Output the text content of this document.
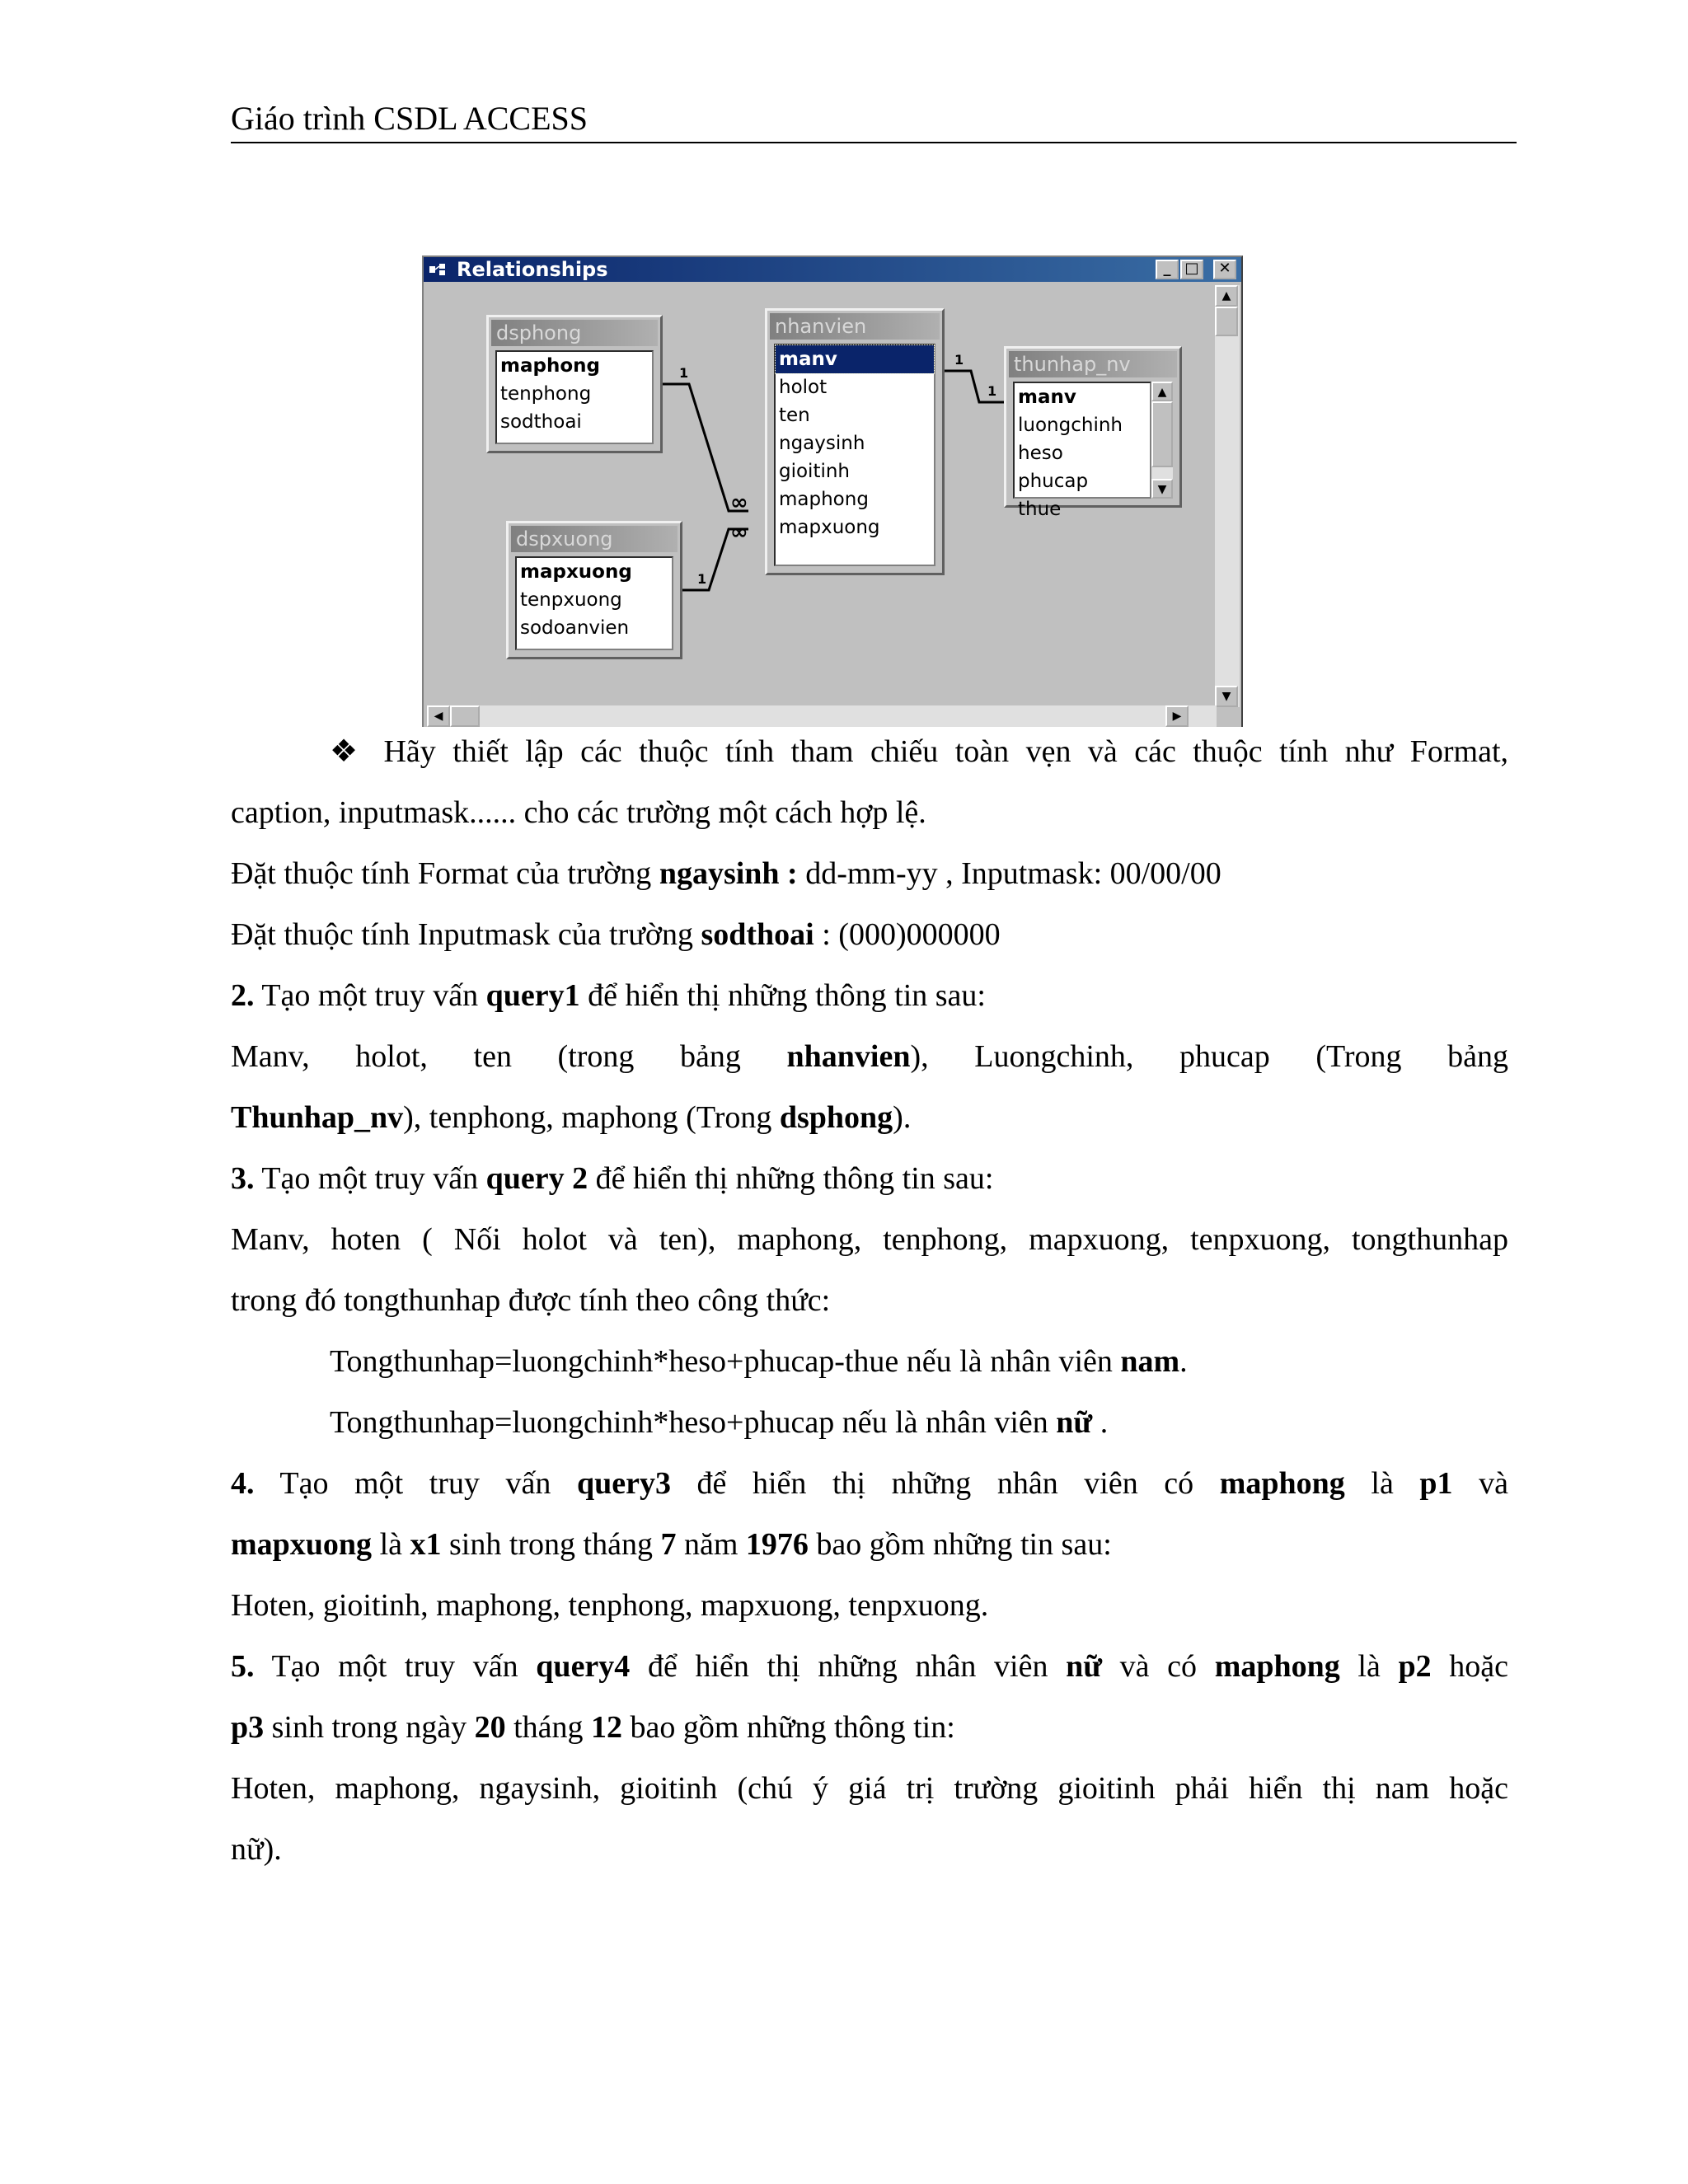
Giáo trình CSDL ACCESS
Relationships	_ □	✕
1
∞
∞
1
1
1
dsphong
maphong
tenphong
sodthoai
nhanvien
manv
holot
ten
ngaysinh
gioitinh
maphong
mapxuong
thunhap_nv
manv
luongchinh
heso
phucap
thue
▲
▼
dspxuong
mapxuong
tenpxuong
sodoanvien
▲
▼
◀	▶
❖ Hãy thiết lập các thuộc tính tham chiếu toàn vẹn và các thuộc tính như Format,
caption, inputmask...... cho các trường một cách hợp lệ.
Đặt thuộc tính Format của trường ngaysinh : dd-mm-yy , Inputmask: 00/00/00
Đặt thuộc tính Inputmask của trường sodthoai : (000)000000
2. Tạo một truy vấn query1 để hiển thị những thông tin sau:
Manv, holot, ten (trong bảng nhanvien), Luongchinh, phucap (Trong bảng
Thunhap_nv), tenphong, maphong (Trong dsphong).
3. Tạo một truy vấn query 2 để hiển thị những thông tin sau:
Manv, hoten ( Nối holot và ten), maphong, tenphong, mapxuong, tenpxuong, tongthunhap
trong đó tongthunhap được tính theo công thức:
Tongthunhap=luongchinh*heso+phucap-thue nếu là nhân viên nam.
Tongthunhap=luongchinh*heso+phucap nếu là nhân viên nữ .
4. Tạo một truy vấn query3 để hiển thị những nhân viên có maphong là p1 và
mapxuong là x1 sinh trong tháng 7 năm 1976 bao gồm những tin sau:
Hoten, gioitinh, maphong, tenphong, mapxuong, tenpxuong.
5. Tạo một truy vấn query4 để hiển thị những nhân viên nữ và có maphong là p2 hoặc
p3 sinh trong ngày 20 tháng 12 bao gồm những thông tin:
Hoten, maphong, ngaysinh, gioitinh (chú ý giá trị trường gioitinh phải hiển thị nam hoặc
nữ).
